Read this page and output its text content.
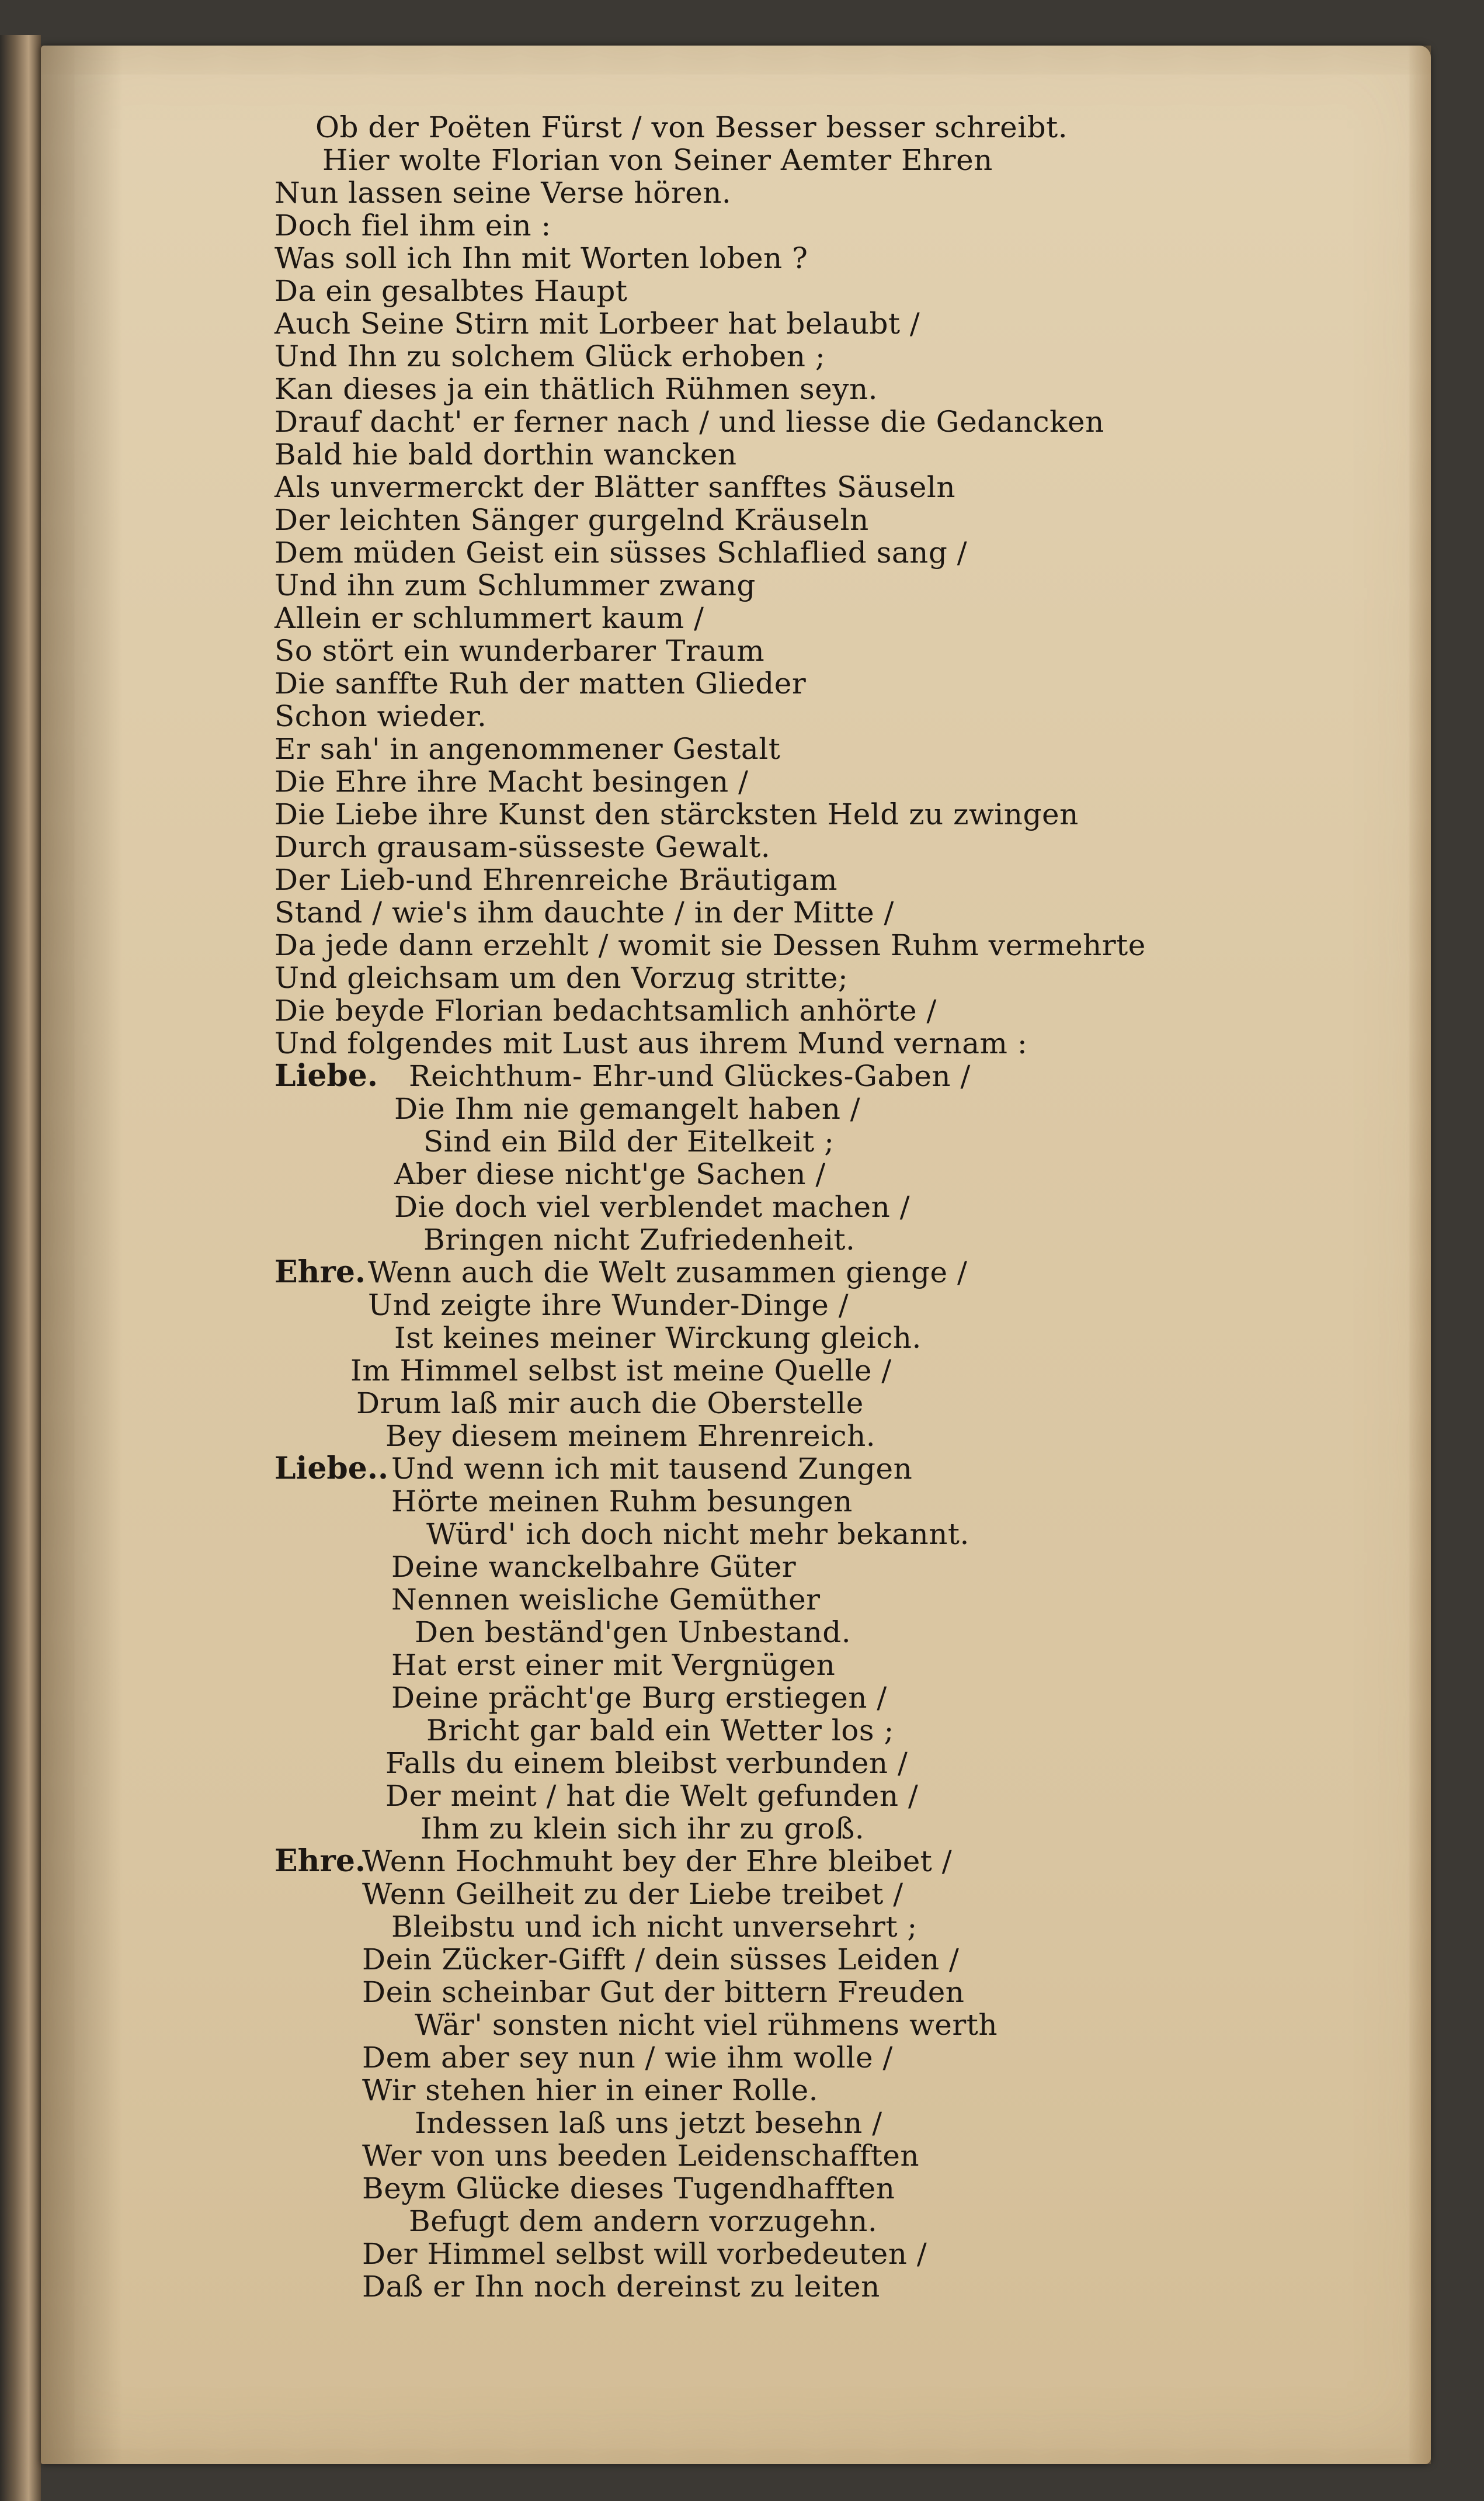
Ob der Poëten Fürst / von Besser besser schreibt.
Hier wolte Florian von Seiner Aemter Ehren
Nun lassen seine Verse hören.
Doch fiel ihm ein :
Was soll ich Ihn mit Worten loben ?
Da ein gesalbtes Haupt
Auch Seine Stirn mit Lorbeer hat belaubt /
Und Ihn zu solchem Glück erhoben ;
Kan dieses ja ein thätlich Rühmen seyn.
Drauf dacht' er ferner nach / und liesse die Gedancken
Bald hie bald dorthin wancken
Als unvermerckt der Blätter sanfftes Säuseln
Der leichten Sänger gurgelnd Kräuseln
Dem müden Geist ein süsses Schlaflied sang /
Und ihn zum Schlummer zwang
Allein er schlummert kaum /
So stört ein wunderbarer Traum
Die sanffte Ruh der matten Glieder
Schon wieder.
Er sah' in angenommener Gestalt
Die Ehre ihre Macht besingen /
Die Liebe ihre Kunst den stärcksten Held zu zwingen
Durch grausam-süsseste Gewalt.
Der Lieb-und Ehrenreiche Bräutigam
Stand / wie's ihm dauchte / in der Mitte /
Da jede dann erzehlt / womit sie Dessen Ruhm vermehrte
Und gleichsam um den Vorzug stritte;
Die beyde Florian bedachtsamlich anhörte /
Und folgendes mit Lust aus ihrem Mund vernam :
Liebe. Reichthum- Ehr-und Glückes-Gaben /
Die Ihm nie gemangelt haben /
Sind ein Bild der Eitelkeit ;
Aber diese nicht'ge Sachen /
Die doch viel verblendet machen /
Bringen nicht Zufriedenheit.
Ehre. Wenn auch die Welt zusammen gienge /
Und zeigte ihre Wunder-Dinge /
Ist keines meiner Wirckung gleich.
Im Himmel selbst ist meine Quelle /
Drum laß mir auch die Oberstelle
Bey diesem meinem Ehrenreich.
Liebe.. Und wenn ich mit tausend Zungen
Hörte meinen Ruhm besungen
Würd' ich doch nicht mehr bekannt.
Deine wanckelbahre Güter
Nennen weisliche Gemüther
Den beständ'gen Unbestand.
Hat erst einer mit Vergnügen
Deine prächt'ge Burg erstiegen /
Bricht gar bald ein Wetter los ;
Falls du einem bleibst verbunden /
Der meint / hat die Welt gefunden /
Ihm zu klein sich ihr zu groß.
Ehre.
Wenn Hochmuht bey der Ehre bleibet /
Wenn Geilheit zu der Liebe treibet /
Bleibstu und ich nicht unversehrt ;
Dein Zücker-Gifft / dein süsses Leiden /
Dein scheinbar Gut der bittern Freuden
Wär' sonsten nicht viel rühmens werth
Dem aber sey nun / wie ihm wolle /
Wir stehen hier in einer Rolle.
Indessen laß uns jetzt besehn /
Wer von uns beeden Leidenschafften
Beym Glücke dieses Tugendhafften
Befugt dem andern vorzugehn.
Der Himmel selbst will vorbedeuten /
Daß er Ihn noch dereinst zu leiten
